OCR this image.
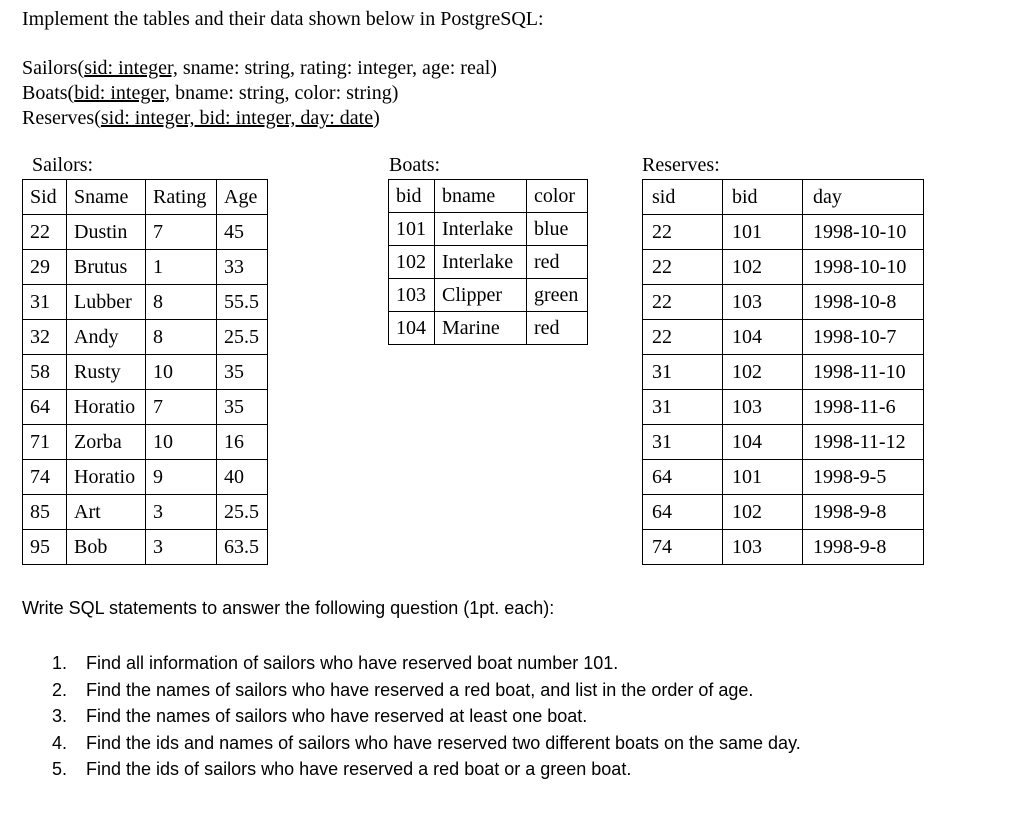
Implement the tables and their data shown below in PostgreSQL:

Sailors(sid: integer, sname: string, rating: integer, age: real)
Boats(bid: integer, bname: string, color: string)
Reserves(sid: integer, bid: integer, day: date)
Sailors:
Sid	Sname	Rating	Age
22	Dustin	7	45
29	Brutus	1	33
31	Lubber	8	55.5
32	Andy	8	25.5
58	Rusty	10	35
64	Horatio	7	35
71	Zorba	10	16
74	Horatio	9	40
85	Art	3	25.5
95	Bob	3	63.5
Boats:
bid	bname	color
101	Interlake	blue
102	Interlake	red
103	Clipper	green
104	Marine	red
Reserves:
sid	bid	day
22	101	1998-10-10
22	102	1998-10-10
22	103	1998-10-8
22	104	1998-10-7
31	102	1998-11-10
31	103	1998-11-6
31	104	1998-11-12
64	101	1998-9-5
64	102	1998-9-8
74	103	1998-9-8
Write SQL statements to answer the following question (1pt. each):
1. Find all information of sailors who have reserved boat number 101.
2. Find the names of sailors who have reserved a red boat, and list in the order of age.
3. Find the names of sailors who have reserved at least one boat.
4. Find the ids and names of sailors who have reserved two different boats on the same day.
5. Find the ids of sailors who have reserved a red boat or a green boat.
